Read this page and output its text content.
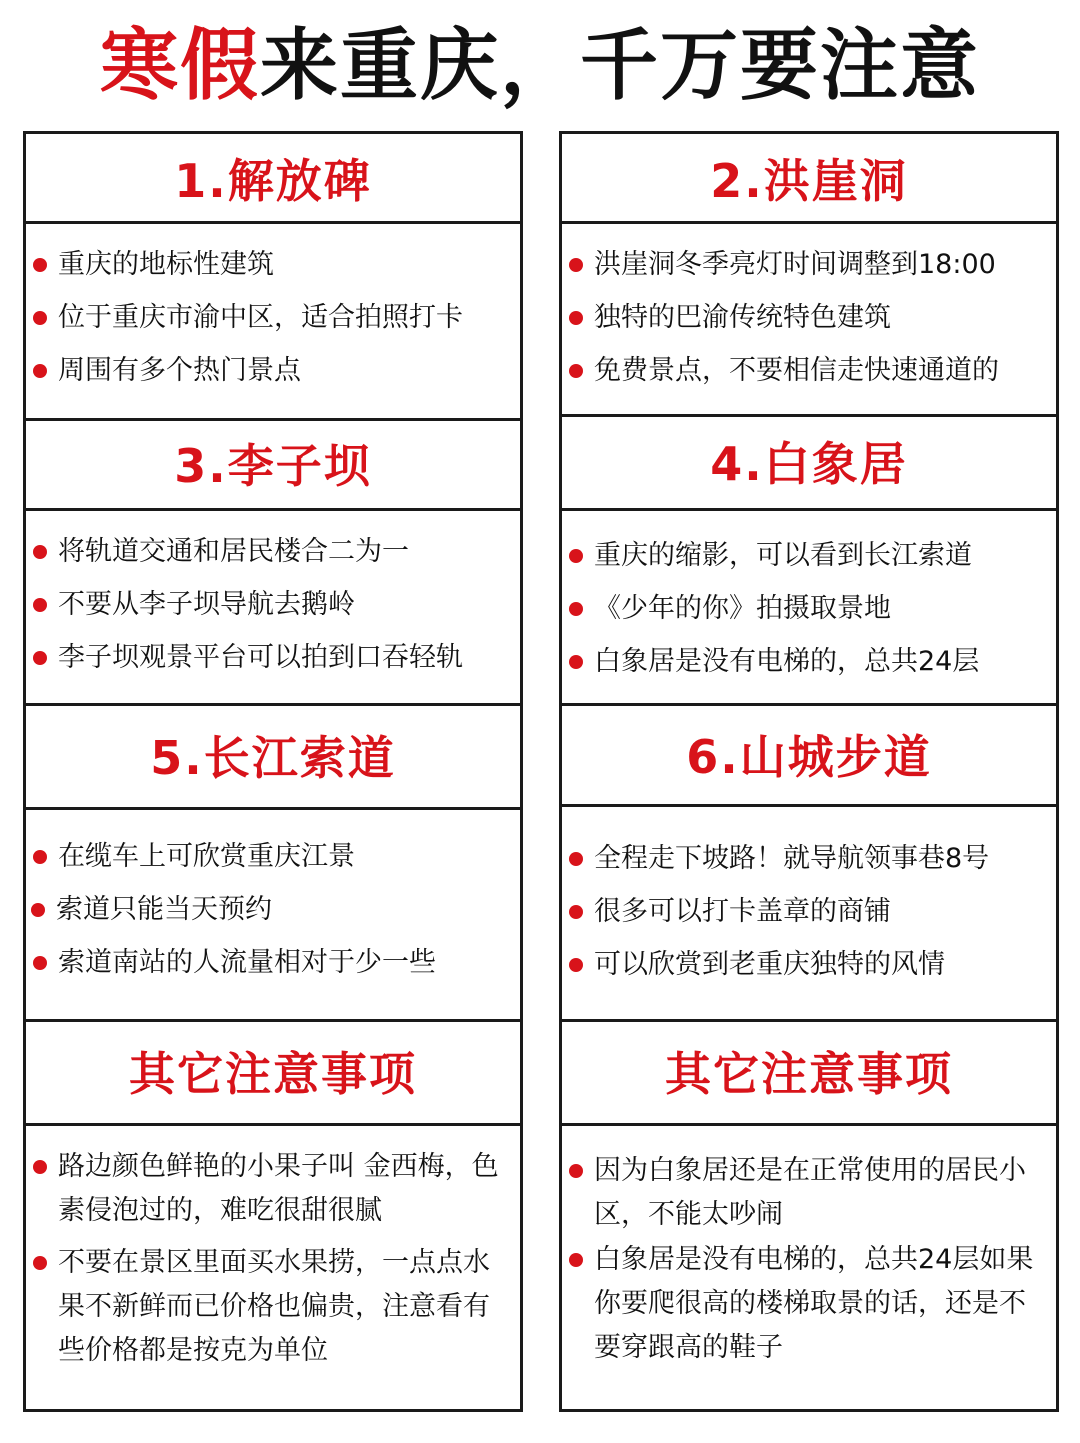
寒假来重庆，千万要注意
1.解放碑
重庆的地标性建筑
位于重庆市渝中区，适合拍照打卡
周围有多个热门景点
3.李子坝
将轨道交通和居民楼合二为一
不要从李子坝导航去鹅岭
李子坝观景平台可以拍到口吞轻轨
5.长江索道
在缆车上可欣赏重庆江景
索道只能当天预约
索道南站的人流量相对于少一些
其它注意事项
路边颜色鲜艳的小果子叫 金西梅，色素侵泡过的，难吃很甜很腻
不要在景区里面买水果捞，一点点水果不新鲜而已价格也偏贵，注意看有些价格都是按克为单位
2.洪崖洞
洪崖洞冬季亮灯时间调整到18:00
独特的巴渝传统特色建筑
免费景点，不要相信走快速通道的
4.白象居
重庆的缩影，可以看到长江索道
《少年的你》拍摄取景地
白象居是没有电梯的，总共24层
6.山城步道
全程走下坡路！就导航领事巷8号
很多可以打卡盖章的商铺
可以欣赏到老重庆独特的风情
其它注意事项
因为白象居还是在正常使用的居民小区，不能太吵闹
白象居是没有电梯的，总共24层如果你要爬很高的楼梯取景的话，还是不要穿跟高的鞋子
